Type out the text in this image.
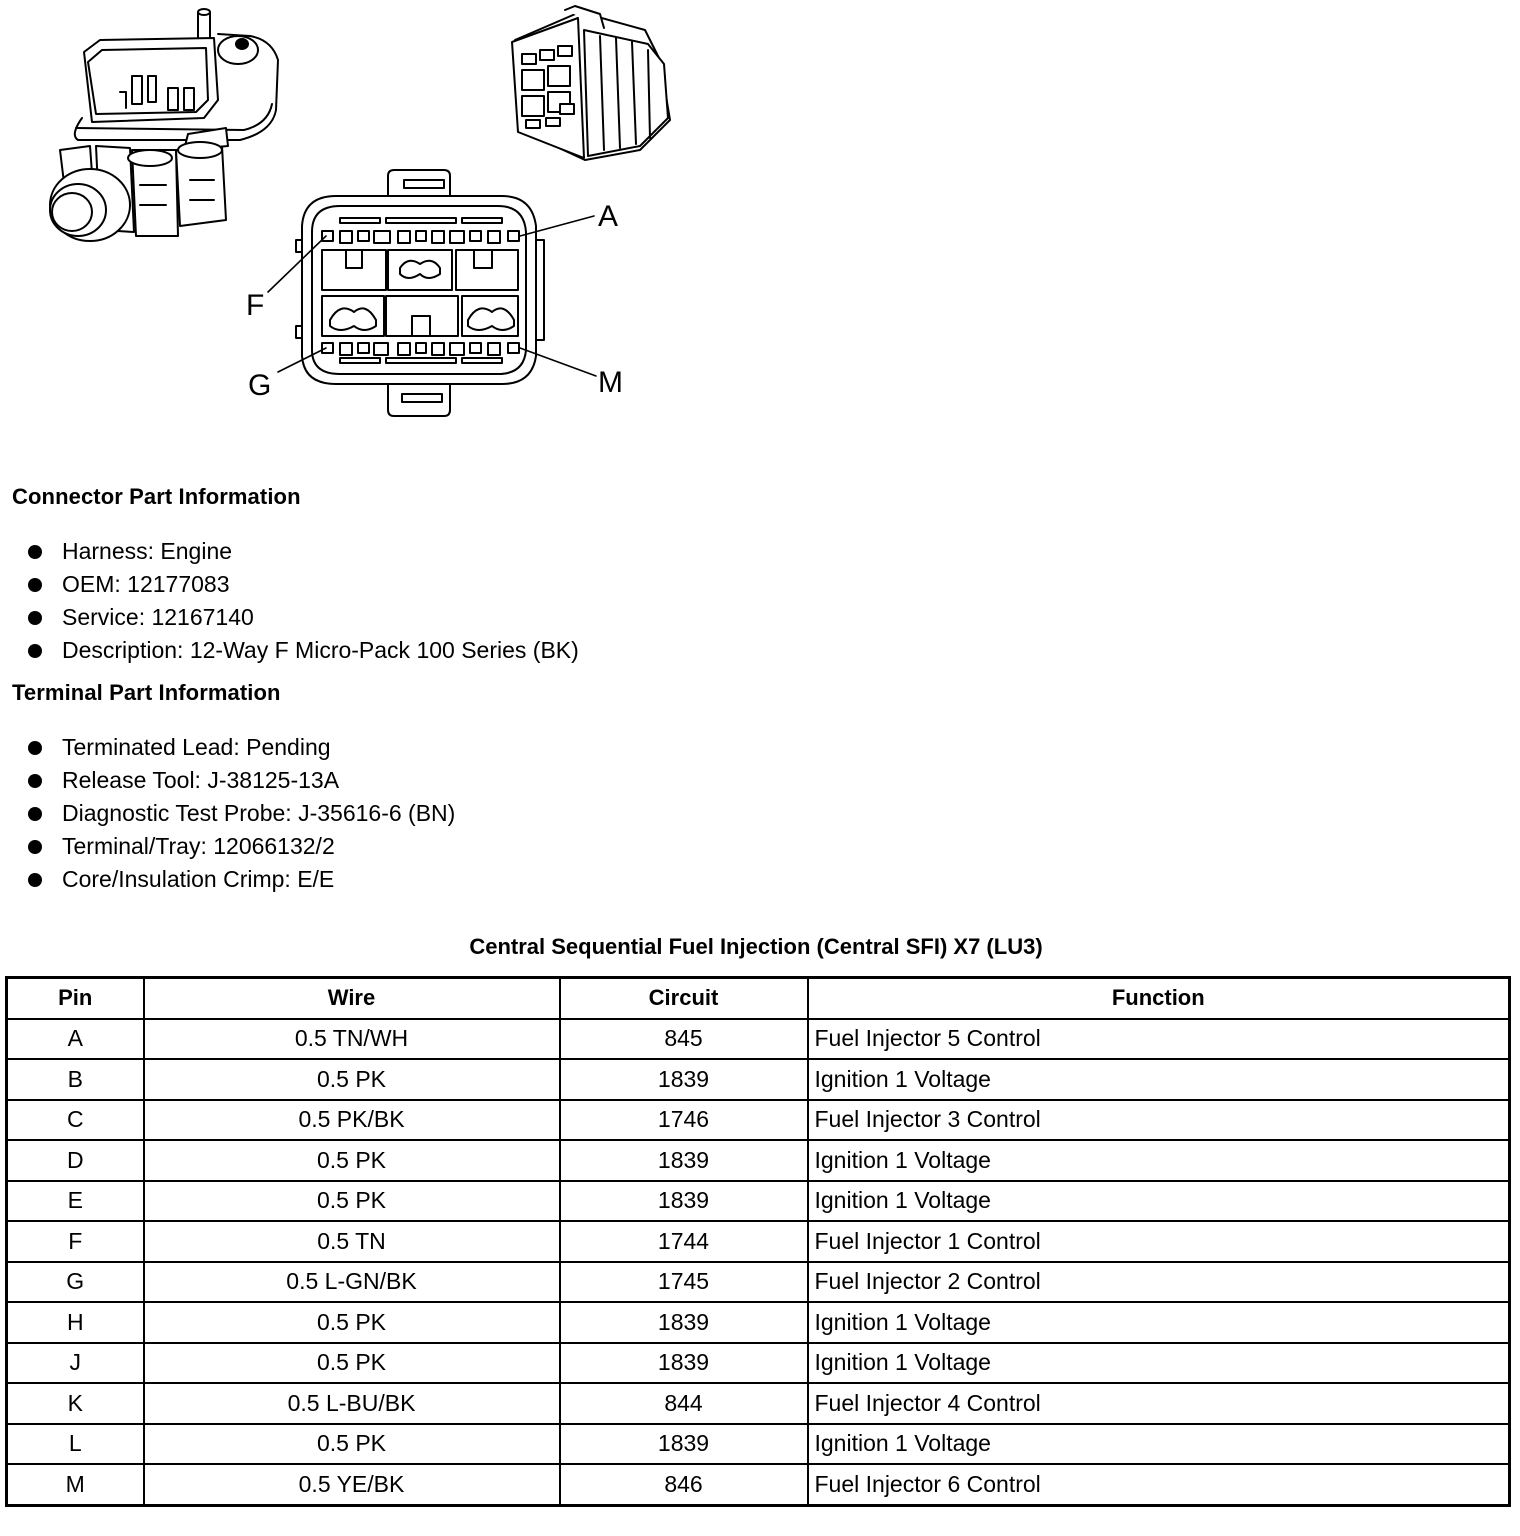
A
F
G	M
Connector Part Information
Harness: Engine
OEM: 12177083
Service: 12167140
Description: 12-Way F Micro-Pack 100 Series (BK)
Terminal Part Information
Terminated Lead: Pending
Release Tool: J-38125-13A
Diagnostic Test Probe: J-35616-6 (BN)
Terminal/Tray: 12066132/2
Core/Insulation Crimp: E/E
Central Sequential Fuel Injection (Central SFI) X7 (LU3)
Pin	Wire	Circuit	Function
A	0.5 TN/WH	845	Fuel Injector 5 Control
B	0.5 PK	1839	Ignition 1 Voltage
C	0.5 PK/BK	1746	Fuel Injector 3 Control
D	0.5 PK	1839	Ignition 1 Voltage
E	0.5 PK	1839	Ignition 1 Voltage
F	0.5 TN	1744	Fuel Injector 1 Control
G	0.5 L-GN/BK	1745	Fuel Injector 2 Control
H	0.5 PK	1839	Ignition 1 Voltage
J	0.5 PK	1839	Ignition 1 Voltage
K	0.5 L-BU/BK	844	Fuel Injector 4 Control
L	0.5 PK	1839	Ignition 1 Voltage
M	0.5 YE/BK	846	Fuel Injector 6 Control
